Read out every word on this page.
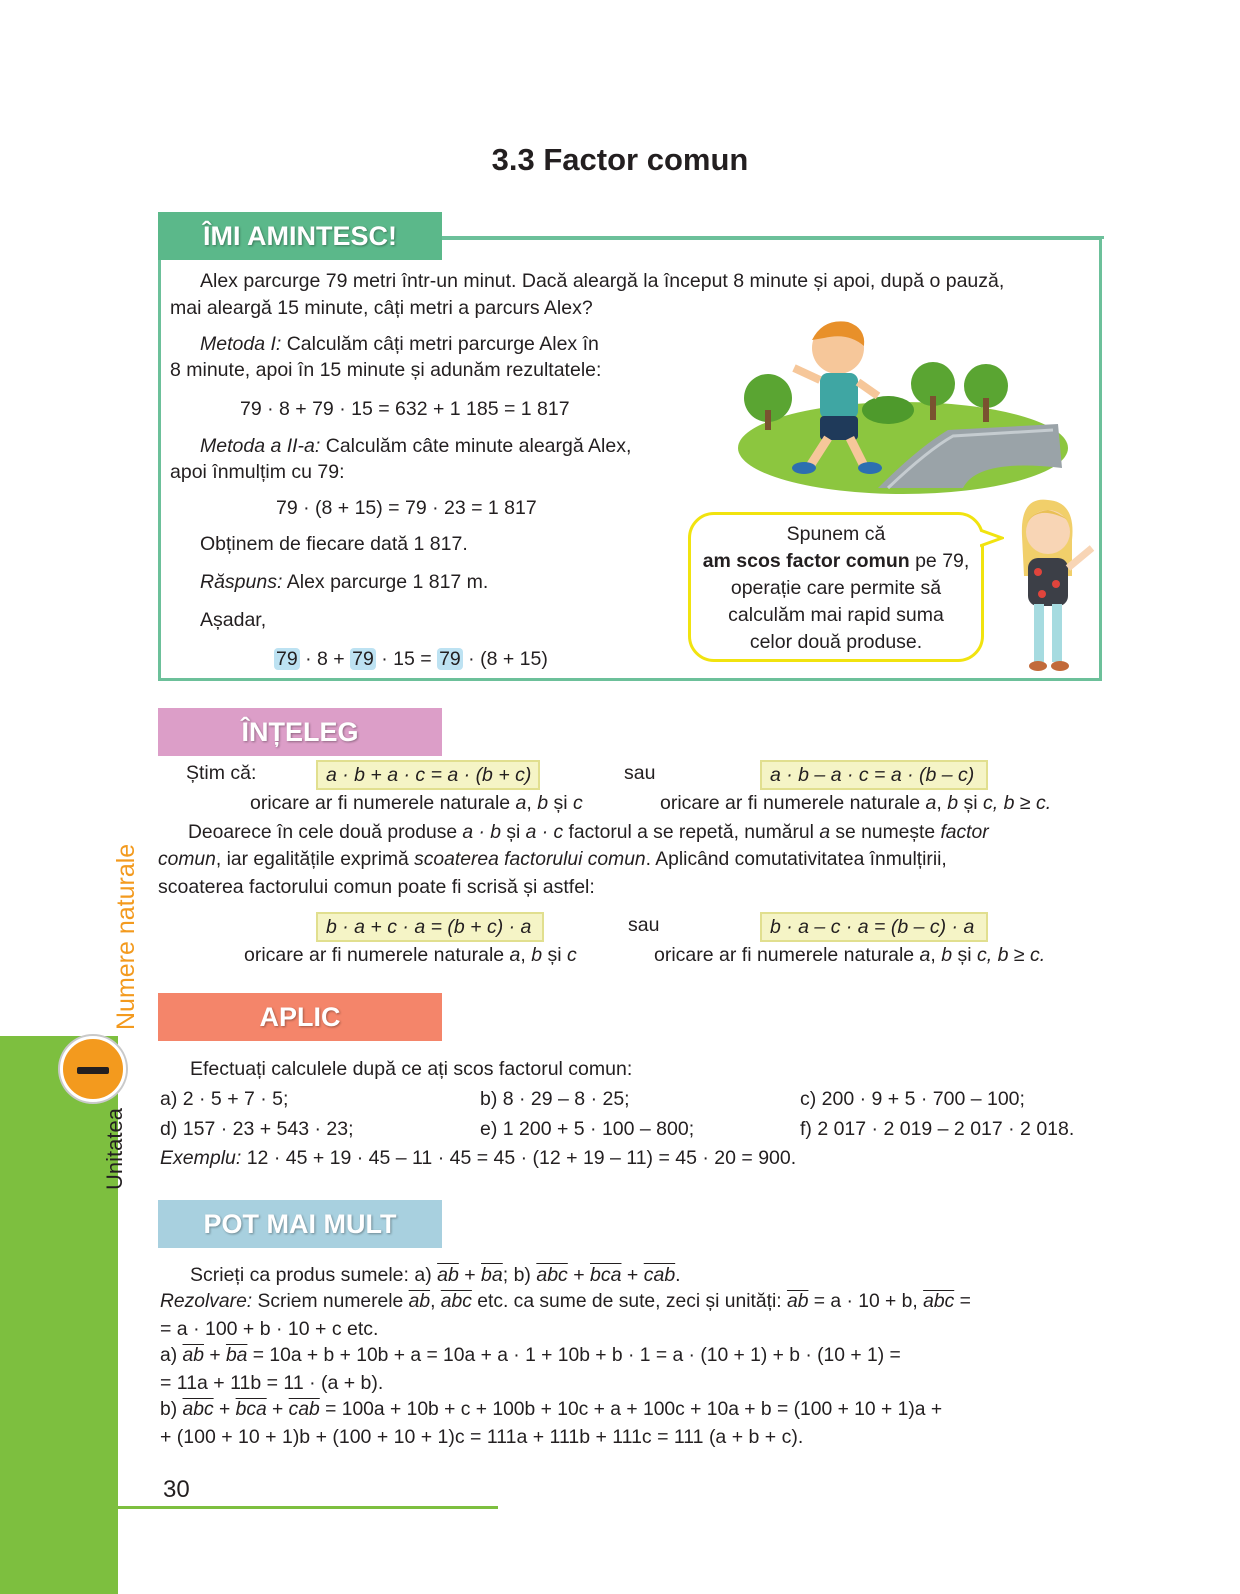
3.3 Factor comun
ÎMI AMINTESC!
Alex parcurge 79 metri într-un minut. Dacă aleargă la început 8 minute și apoi, după o pauză,
mai aleargă 15 minute, câți metri a parcurs Alex?
Metoda I: Calculăm câți metri parcurge Alex în
8 minute, apoi în 15 minute și adunăm rezultatele:
79 · 8 + 79 · 15 = 632 + 1 185 = 1 817
Metoda a II-a: Calculăm câte minute aleargă Alex,
apoi înmulțim cu 79:
79 · (8 + 15) = 79 · 23 = 1 817
Obținem de fiecare dată 1 817.
Răspuns: Alex parcurge 1 817 m.
Așadar,
79 · 8 + 79 · 15 = 79 · (8 + 15)
Spunem că
am scos factor comun pe 79,
operație care permite să
calculăm mai rapid suma
celor două produse.
ÎNȚELEG
Știm că:	a · b + a · c = a · (b + c)	sau	a · b – a · c = a · (b – c)
oricare ar fi numerele naturale a, b și c	oricare ar fi numerele naturale a, b și c, b ≥ c.
Deoarece în cele două produse a · b și a · c factorul a se repetă, numărul a se numește factor
comun, iar egalitățile exprimă scoaterea factorului comun. Aplicând comutativitatea înmulțirii,
scoaterea factorului comun poate fi scrisă și astfel:
b · a + c · a = (b + c) · a	sau	b · a – c · a = (b – c) · a
oricare ar fi numerele naturale a, b și c	oricare ar fi numerele naturale a, b și c, b ≥ c.
APLIC
Efectuați calculele după ce ați scos factorul comun:
a) 2 · 5 + 7 · 5;	b) 8 · 29 – 8 · 25;	c) 200 · 9 + 5 · 700 – 100;
d) 157 · 23 + 543 · 23;	e) 1 200 + 5 · 100 – 800;	f) 2 017 · 2 019 – 2 017 · 2 018.
Exemplu: 12 · 45 + 19 · 45 – 11 · 45 = 45 · (12 + 19 – 11) = 45 · 20 = 900.
POT MAI MULT
Scrieți ca produs sumele: a) $\overline{ab} + \overline{ba}$; b) $\overline{abc} + \overline{bca} + \overline{cab}$.
Rezolvare: Scriem numerele $\overline{ab}$, $\overline{abc}$ etc. ca sume de sute, zeci și unități: $\overline{ab} = a \cdot 10 + b$, $\overline{abc}$ =
= a · 100 + b · 10 + c etc.
a) $\overline{ab} + \overline{ba} = 10a + b + 10b + a = 10a + a \cdot 1 + 10b + b \cdot 1 = a \cdot (10 + 1) + b \cdot (10 + 1)$ =
= 11a + 11b = 11 · (a + b).
b) $\overline{abc} + \overline{bca} + \overline{cab} = 100a + 10b + c + 100b + 10c + a + 100c + 10a + b = (100 + 10 + 1)a$ +
+ (100 + 10 + 1)b + (100 + 10 + 1)c = 111a + 111b + 111c = 111 (a + b + c).
Numere naturale
Unitatea
30
